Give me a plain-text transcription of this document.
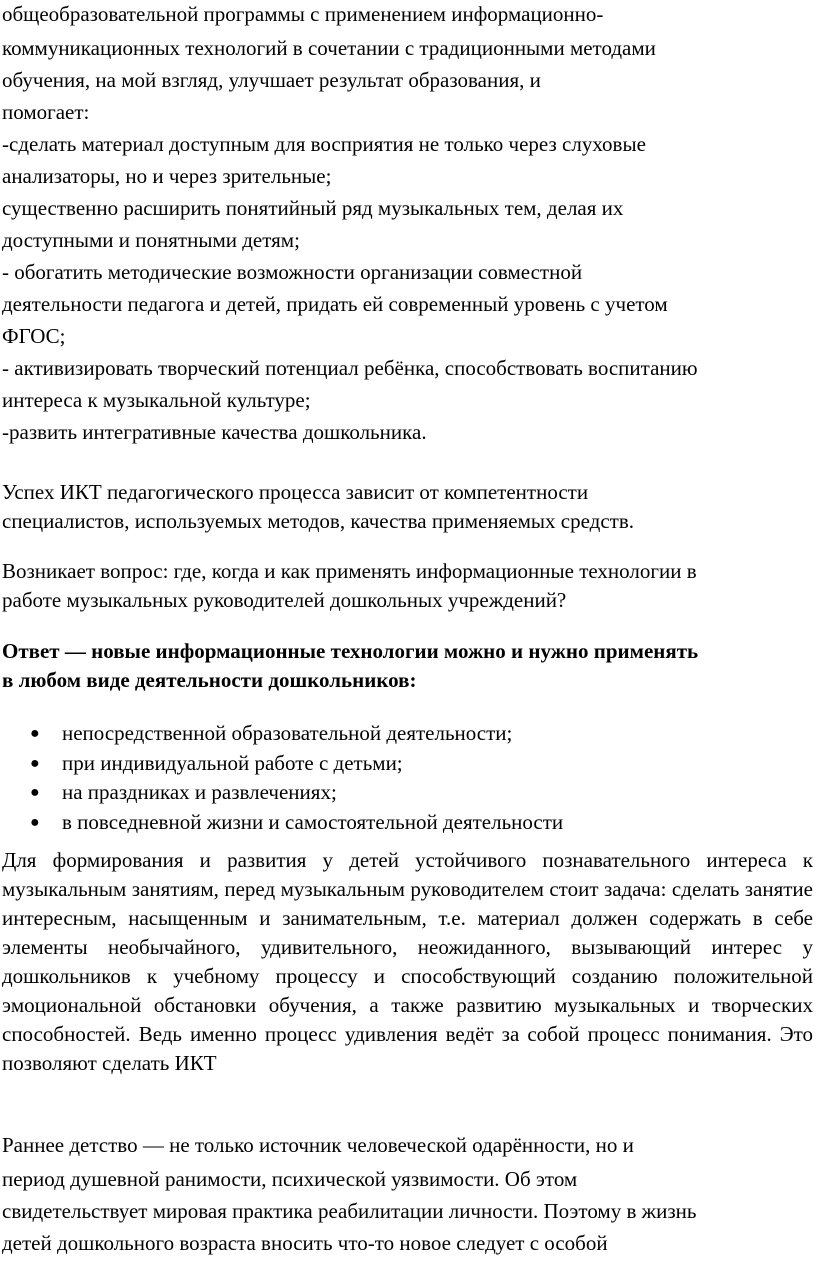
общеобразовательной программы с применением информационно-
коммуникационных технологий в сочетании с традиционными методами
обучения, на мой взгляд, улучшает результат образования, и
помогает:
-сделать материал доступным для восприятия не только через слуховые
анализаторы, но и через зрительные;
существенно расширить понятийный ряд музыкальных тем, делая их
доступными и понятными детям;
- обогатить методические возможности организации совместной
деятельности педагога и детей, придать ей современный уровень с учетом
ФГОС;
- активизировать творческий потенциал ребёнка, способствовать воспитанию
интереса к музыкальной культуре;
-развить интегративные качества дошкольника.
Успех ИКТ педагогического процесса зависит от компетентности
специалистов, используемых методов, качества применяемых средств.
Возникает вопрос: где, когда и как применять информационные технологии в
работе музыкальных руководителей дошкольных учреждений?
Ответ — новые информационные технологии можно и нужно применять
в любом виде деятельности дошкольников:
● непосредственной образовательной деятельности;
● при индивидуальной работе с детьми;
● на праздниках и развлечениях;
● в повседневной жизни и самостоятельной деятельности
Для формирования и развития у детей устойчивого познавательного интереса к музыкальным занятиям, перед музыкальным руководителем стоит задача: сделать занятие интересным, насыщенным и занимательным, т.е. материал должен содержать в себе элементы необычайного, удивительного, неожиданного, вызывающий интерес у дошкольников к учебному процессу и способствующий созданию положительной эмоциональной обстановки обучения, а также развитию музыкальных и творческих способностей. Ведь именно процесс удивления ведёт за собой процесс понимания. Это позволяют сделать ИКТ
Раннее детство — не только источник человеческой одарённости, но и
период душевной ранимости, психической уязвимости. Об этом
свидетельствует мировая практика реабилитации личности. Поэтому в жизнь
детей дошкольного возраста вносить что-то новое следует с особой
